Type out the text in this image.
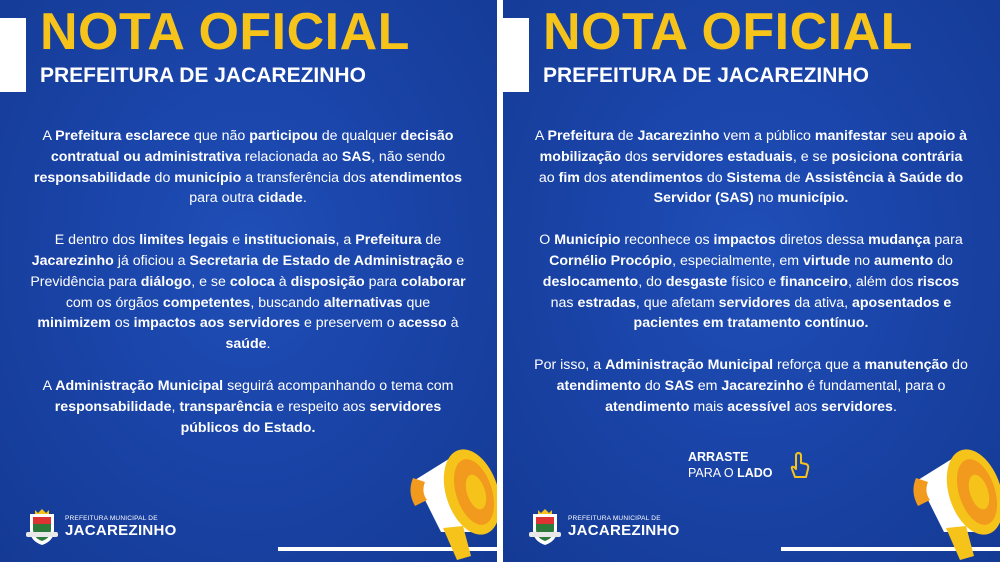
NOTA OFICIAL
PREFEITURA DE JACAREZINHO

A Prefeitura esclarece que não participou de qualquer decisão contratual ou administrativa relacionada ao SAS, não sendo responsabilidade do município a transferência dos atendimentos para outra cidade.

E dentro dos limites legais e institucionais, a Prefeitura de Jacarezinho já oficiou a Secretaria de Estado de Administração e Previdência para diálogo, e se coloca à disposição para colaborar com os órgãos competentes, buscando alternativas que minimizem os impactos aos servidores e preservem o acesso à saúde.

A Administração Municipal seguirá acompanhando o tema com responsabilidade, transparência e respeito aos servidores públicos do Estado.

PREFEITURA MUNICIPAL DE
JACAREZINHO
NOTA OFICIAL
PREFEITURA DE JACAREZINHO

A Prefeitura de Jacarezinho vem a público manifestar seu apoio à mobilização dos servidores estaduais, e se posiciona contrária ao fim dos atendimentos do Sistema de Assistência à Saúde do Servidor (SAS) no município.

O Município reconhece os impactos diretos dessa mudança para Cornélio Procópio, especialmente, em virtude no aumento do deslocamento, do desgaste físico e financeiro, além dos riscos nas estradas, que afetam servidores da ativa, aposentados e pacientes em tratamento contínuo.

Por isso, a Administração Municipal reforça que a manutenção do atendimento do SAS em Jacarezinho é fundamental, para o atendimento mais acessível aos servidores.

ARRASTE
PARA O LADO
PREFEITURA MUNICIPAL DE
JACAREZINHO
